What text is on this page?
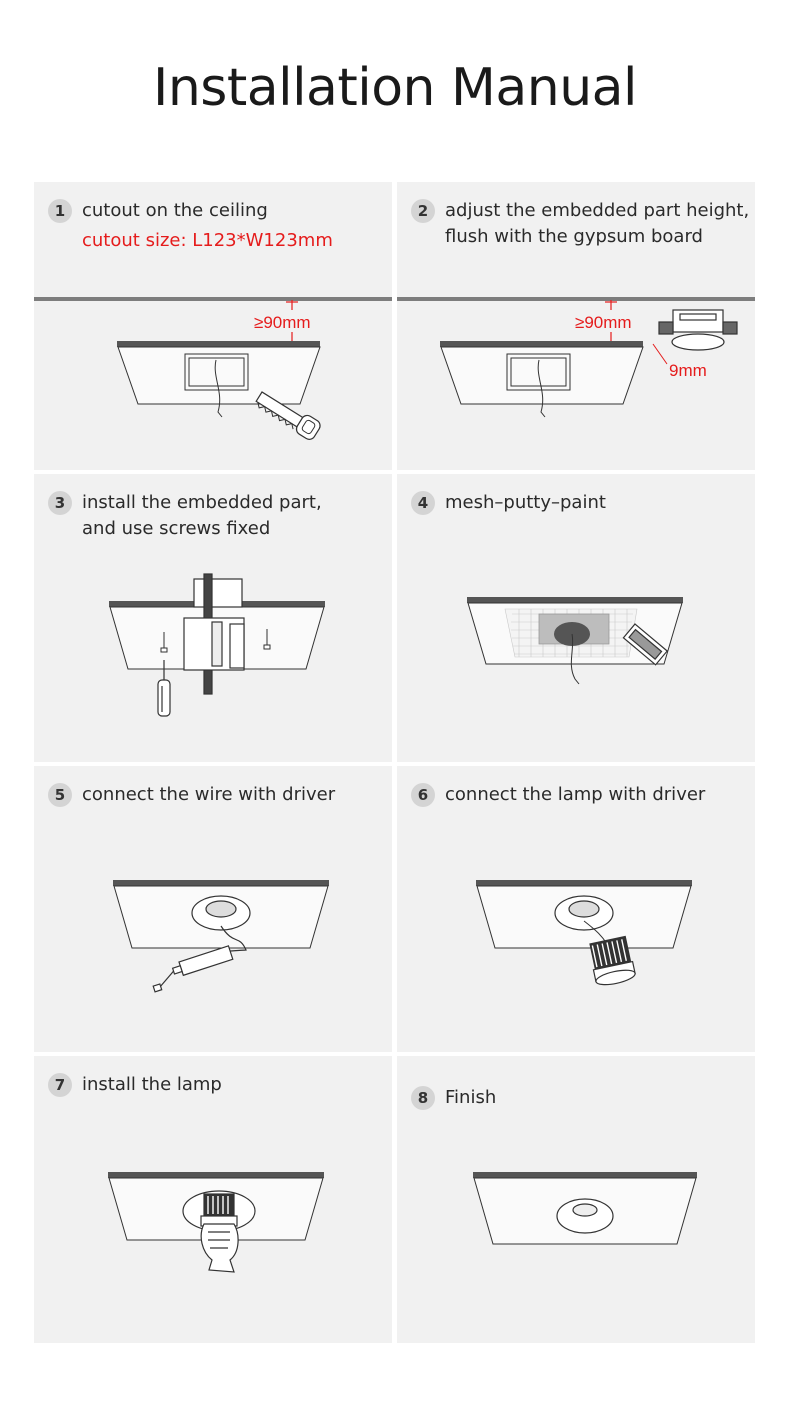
Installation Manual
1 cutout on the ceiling
cutout size: L123*W123mm
≥90mm
2 adjust the embedded part height,
flush with the gypsum board
≥90mm
9mm
3 install the embedded part,
and use screws fixed
4 mesh–putty–paint
5 connect the wire with driver	6 connect the lamp with driver
7 install the lamp
8 Finish
